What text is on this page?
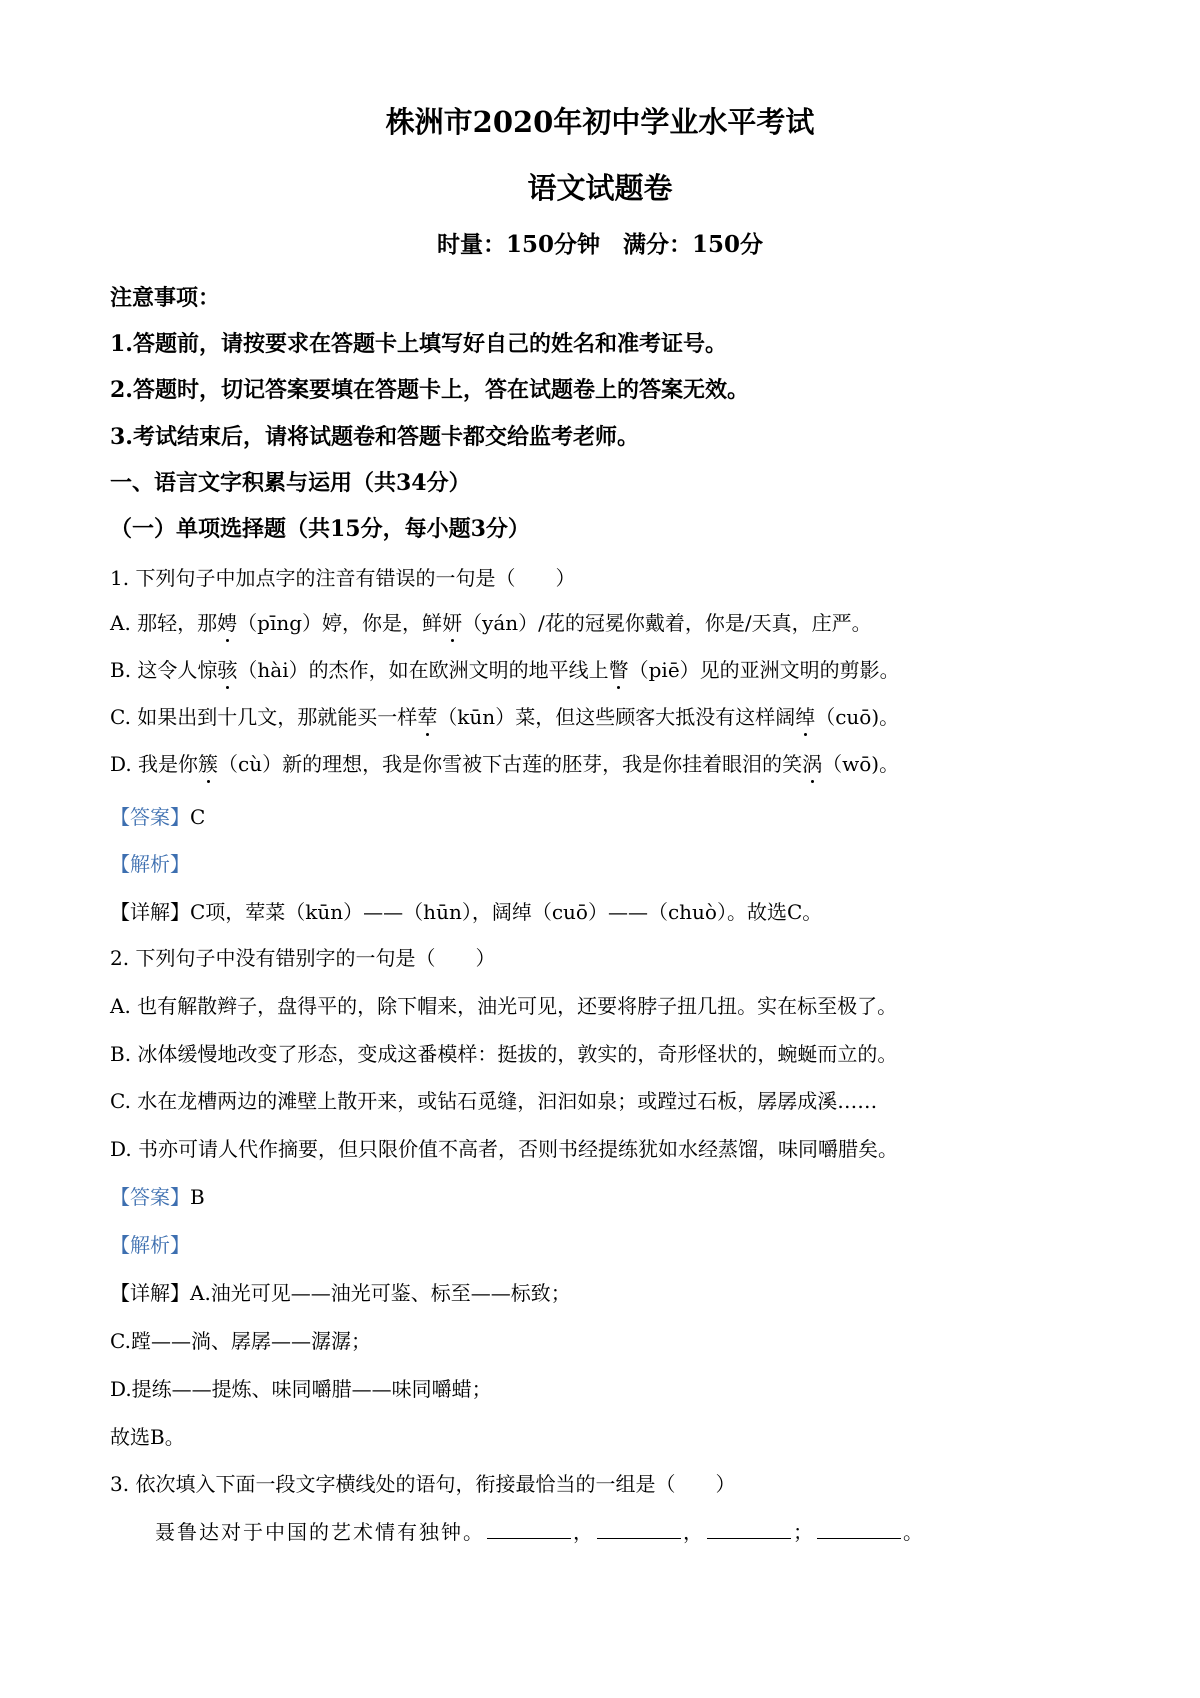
株洲市2020年初中学业水平考试
语文试题卷
时量：150分钟　满分：150分
注意事项：
1.答题前，请按要求在答题卡上填写好自己的姓名和准考证号。
2.答题时，切记答案要填在答题卡上，答在试题卷上的答案无效。
3.考试结束后，请将试题卷和答题卡都交给监考老师。
一、语言文字积累与运用（共34分）
（一）单项选择题（共15分，每小题3分）
1. 下列句子中加点字的注音有错误的一句是（　　）
A. 那轻，那娉（pīng）婷，你是，鲜妍（yán）/花的冠冕你戴着，你是/天真，庄严。
B. 这令人惊骇（hài）的杰作，如在欧洲文明的地平线上瞥（piē）见的亚洲文明的剪影。
C. 如果出到十几文，那就能买一样荤（kūn）菜，但这些顾客大抵没有这样阔绰（cuō)。
D. 我是你簇（cù）新的理想，我是你雪被下古莲的胚芽，我是你挂着眼泪的笑涡（wō)。
【答案】C
【解析】
【详解】C项，荤菜（kūn）——（hūn），阔绰（cuō）——（chuò）。故选C。
2. 下列句子中没有错别字的一句是（　　）
A. 也有解散辫子，盘得平的，除下帽来，油光可见，还要将脖子扭几扭。实在标至极了。
B. 冰体缓慢地改变了形态，变成这番模样：挺拔的，敦实的，奇形怪状的，蜿蜒而立的。
C. 水在龙槽两边的滩壁上散开来，或钻石觅缝，汩汩如泉；或蹚过石板，孱孱成溪……
D. 书亦可请人代作摘要，但只限价值不高者，否则书经提练犹如水经蒸馏，味同嚼腊矣。
【答案】B
【解析】
【详解】A.油光可见——油光可鉴、标至——标致；
C.蹚——淌、孱孱——潺潺；
D.提练——提炼、味同嚼腊——味同嚼蜡；
故选B。
3. 依次填入下面一段文字横线处的语句，衔接最恰当的一组是（　　）
聂鲁达对于中国的艺术情有独钟。	，	，	；	。
